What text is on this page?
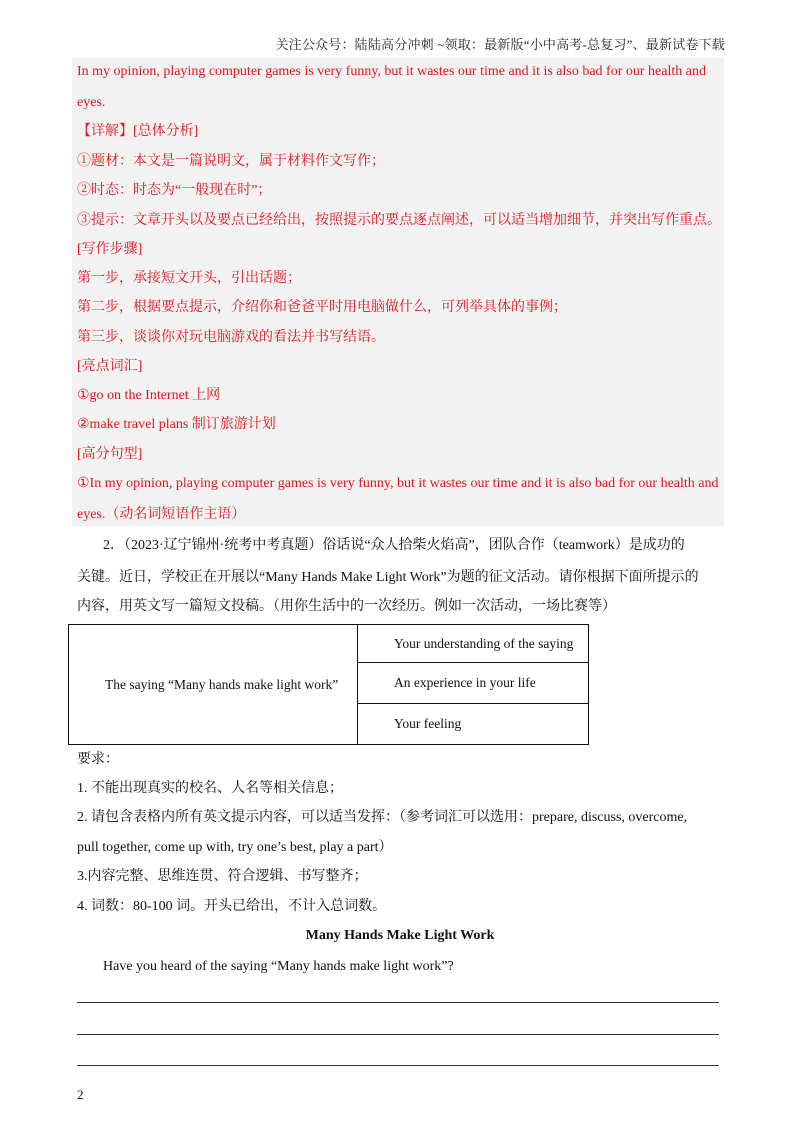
关注公众号：陆陆高分冲刺 ~领取：最新版“小中高考-总复习”、最新试卷下载
In my opinion, playing computer games is very funny, but it wastes our time and it is also bad for our health and
eyes.
【详解】[总体分析]
①题材：本文是一篇说明文，属于材料作文写作；
②时态：时态为“一般现在时”；
③提示：文章开头以及要点已经给出，按照提示的要点逐点阐述，可以适当增加细节，并突出写作重点。
[写作步骤]
第一步，承接短文开头，引出话题；
第二步，根据要点提示，介绍你和爸爸平时用电脑做什么，可列举具体的事例；
第三步，谈谈你对玩电脑游戏的看法并书写结语。
[亮点词汇]
①go on the Internet 上网
②make travel plans 制订旅游计划
[高分句型]
①In my opinion, playing computer games is very funny, but it wastes our time and it is also bad for our health and
eyes.（动名词短语作主语）
2．（2023·辽宁锦州·统考中考真题）俗话说“众人拾柴火焰高”，团队合作（teamwork）是成功的
关键。近日，学校正在开展以“Many Hands Make Light Work”为题的征文活动。请你根据下面所提示的
内容，用英文写一篇短文投稿。（用你生活中的一次经历。例如一次活动，一场比赛等）
The saying “Many hands make light work”	Your understanding of the saying
An experience in your life
Your feeling
要求：
1. 不能出现真实的校名、人名等相关信息；
2. 请包含表格内所有英文提示内容，可以适当发挥：（参考词汇可以选用：prepare, discuss, overcome,
pull together, come up with, try one’s best, play a part）
3.内容完整、思维连贯、符合逻辑、书写整齐；
4. 词数：80-100 词。开头已给出，不计入总词数。
Many Hands Make Light Work
Have you heard of the saying “Many hands make light work”?
2
